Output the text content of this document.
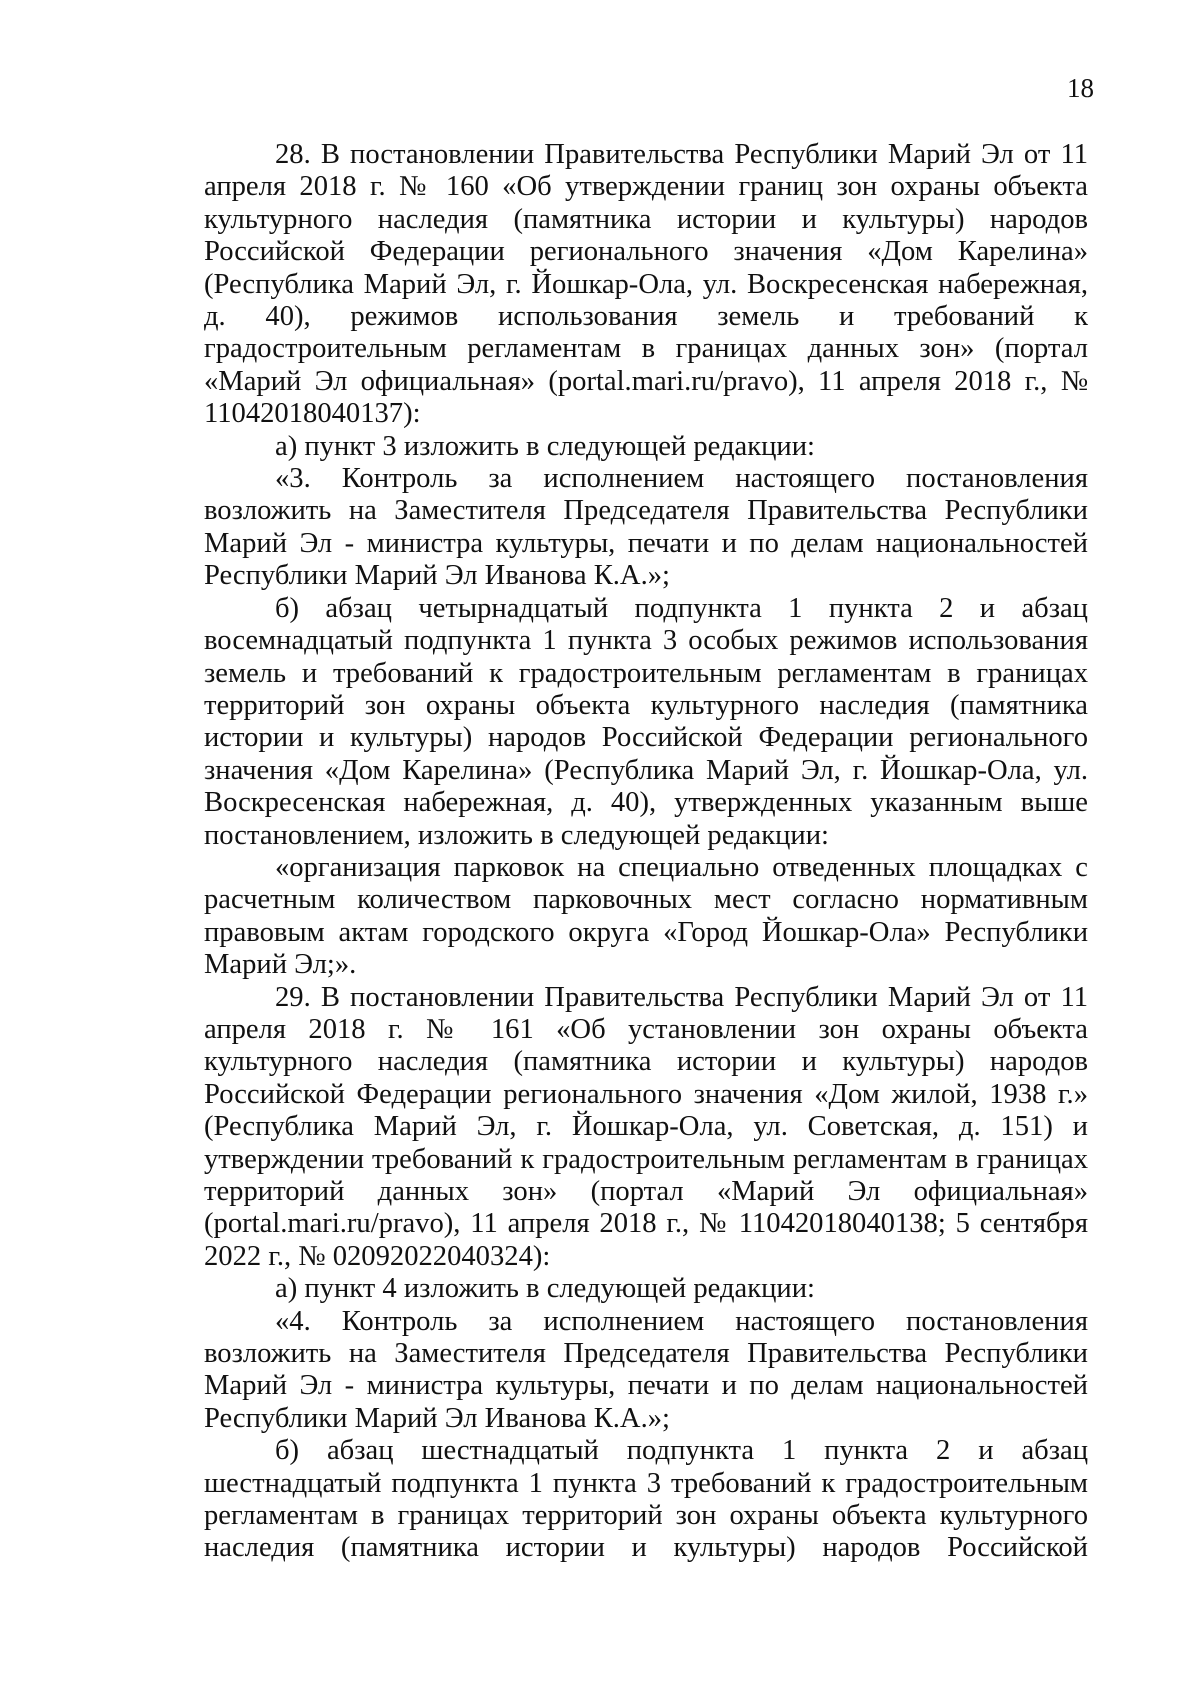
18

28. В постановлении Правительства Республики Марий Эл от 11 апреля 2018 г. № 160 «Об утверждении границ зон охраны объекта культурного наследия (памятника истории и культуры) народов Российской Федерации регионального значения «Дом Карелина» (Республика Марий Эл, г. Йошкар-Ола, ул. Воскресенская набережная, д. 40), режимов использования земель и требований к градостроительным регламентам в границах данных зон» (портал «Марий Эл официальная» (portal.mari.ru/pravo), 11 апреля 2018 г., № 11042018040137):

а) пункт 3 изложить в следующей редакции:

«3. Контроль за исполнением настоящего постановления возложить на Заместителя Председателя Правительства Республики Марий Эл - министра культуры, печати и по делам национальностей Республики Марий Эл Иванова К.А.»;

б) абзац четырнадцатый подпункта 1 пункта 2 и абзац восемнадцатый подпункта 1 пункта 3 особых режимов использования земель и требований к градостроительным регламентам в границах территорий зон охраны объекта культурного наследия (памятника истории и культуры) народов Российской Федерации регионального значения «Дом Карелина» (Республика Марий Эл, г. Йошкар-Ола, ул. Воскресенская набережная, д. 40), утвержденных указанным выше постановлением, изложить в следующей редакции:

«организация парковок на специально отведенных площадках с расчетным количеством парковочных мест согласно нормативным правовым актам городского округа «Город Йошкар-Ола» Республики Марий Эл;».

29. В постановлении Правительства Республики Марий Эл от 11 апреля 2018 г. № 161 «Об установлении зон охраны объекта культурного наследия (памятника истории и культуры) народов Российской Федерации регионального значения «Дом жилой, 1938 г.» (Республика Марий Эл, г. Йошкар-Ола, ул. Советская, д. 151) и утверждении требований к градостроительным регламентам в границах территорий данных зон» (портал «Марий Эл официальная» (portal.mari.ru/pravo), 11 апреля 2018 г., № 11042018040138; 5 сентября 2022 г., № 02092022040324):

а) пункт 4 изложить в следующей редакции:

«4. Контроль за исполнением настоящего постановления возложить на Заместителя Председателя Правительства Республики Марий Эл - министра культуры, печати и по делам национальностей Республики Марий Эл Иванова К.А.»;

б) абзац шестнадцатый подпункта 1 пункта 2 и абзац шестнадцатый подпункта 1 пункта 3 требований к градостроительным регламентам в границах территорий зон охраны объекта культурного наследия (памятника истории и культуры) народов Российской
